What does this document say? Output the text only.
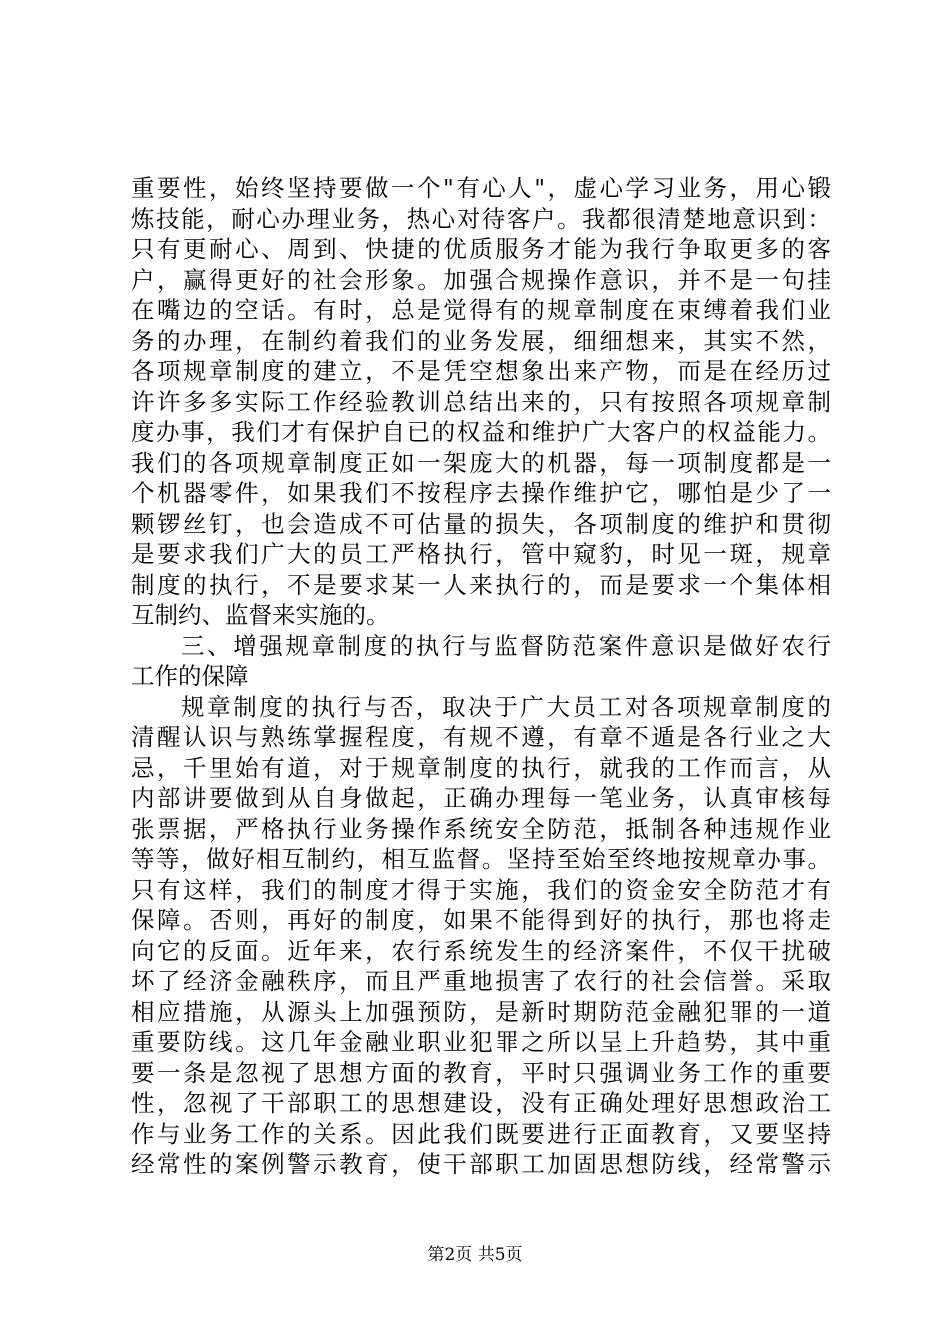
重要性，始终坚持要做一个"有心人"，虚心学习业务，用心锻
炼技能，耐心办理业务，热心对待客户。我都很清楚地意识到：
只有更耐心、周到、快捷的优质服务才能为我行争取更多的客
户，赢得更好的社会形象。加强合规操作意识，并不是一句挂
在嘴边的空话。有时，总是觉得有的规章制度在束缚着我们业
务的办理，在制约着我们的业务发展，细细想来，其实不然，
各项规章制度的建立，不是凭空想象出来产物，而是在经历过
许许多多实际工作经验教训总结出来的，只有按照各项规章制
度办事，我们才有保护自已的权益和维护广大客户的权益能力。
我们的各项规章制度正如一架庞大的机器，每一项制度都是一
个机器零件，如果我们不按程序去操作维护它，哪怕是少了一
颗锣丝钉，也会造成不可估量的损失，各项制度的维护和贯彻
是要求我们广大的员工严格执行，管中窥豹，时见一斑，规章
制度的执行，不是要求某一人来执行的，而是要求一个集体相
互制约、监督来实施的。
三、增强规章制度的执行与监督防范案件意识是做好农行
工作的保障
规章制度的执行与否，取决于广大员工对各项规章制度的
清醒认识与熟练掌握程度，有规不遵，有章不遁是各行业之大
忌，千里始有道，对于规章制度的执行，就我的工作而言，从
内部讲要做到从自身做起，正确办理每一笔业务，认真审核每
张票据，严格执行业务操作系统安全防范，抵制各种违规作业
等等，做好相互制约，相互监督。坚持至始至终地按规章办事。
只有这样，我们的制度才得于实施，我们的资金安全防范才有
保障。否则，再好的制度，如果不能得到好的执行，那也将走
向它的反面。近年来，农行系统发生的经济案件，不仅干扰破
坏了经济金融秩序，而且严重地损害了农行的社会信誉。采取
相应措施，从源头上加强预防，是新时期防范金融犯罪的一道
重要防线。这几年金融业职业犯罪之所以呈上升趋势，其中重
要一条是忽视了思想方面的教育，平时只强调业务工作的重要
性，忽视了干部职工的思想建设，没有正确处理好思想政治工
作与业务工作的关系。因此我们既要进行正面教育，又要坚持
经常性的案例警示教育，使干部职工加固思想防线，经常警示
第2页 共5页
